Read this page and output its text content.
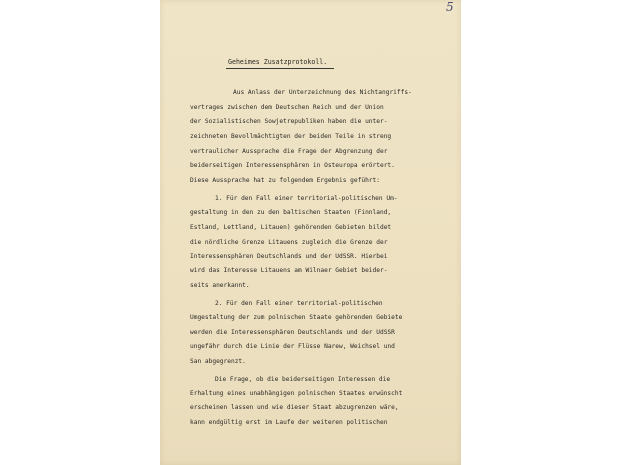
5
Geheimes Zusatzprotokoll.
Aus Anlass der Unterzeichnung des Nichtangriffs-
vertrages zwischen dem Deutschen Reich und der Union
der Sozialistischen Sowjetrepubliken haben die unter-
zeichneten Bevollmächtigten der beiden Teile in streng
vertraulicher Aussprache die Frage der Abgrenzung der
beiderseitigen Interessensphären in Osteuropa erörtert.
Diese Aussprache hat zu folgendem Ergebnis geführt:
1. Für den Fall einer territorial-politischen Um-
gestaltung in den zu den baltischen Staaten (Finnland,
Estland, Lettland, Litauen) gehörenden Gebieten bildet
die nördliche Grenze Litauens zugleich die Grenze der
Interessensphären Deutschlands und der UdSSR. Hierbei
wird das Interesse Litauens am Wilnaer Gebiet beider-
seits anerkannt.
2. Für den Fall einer territorial-politischen
Umgestaltung der zum polnischen Staate gehörenden Gebiete
werden die Interessensphären Deutschlands und der UdSSR
ungefähr durch die Linie der Flüsse Narew, Weichsel und
San abgegrenzt.
Die Frage, ob die beiderseitigen Interessen die
Erhaltung eines unabhängigen polnischen Staates erwünscht
erscheinen lassen und wie dieser Staat abzugrenzen wäre,
kann endgültig erst im Laufe der weiteren politischen
